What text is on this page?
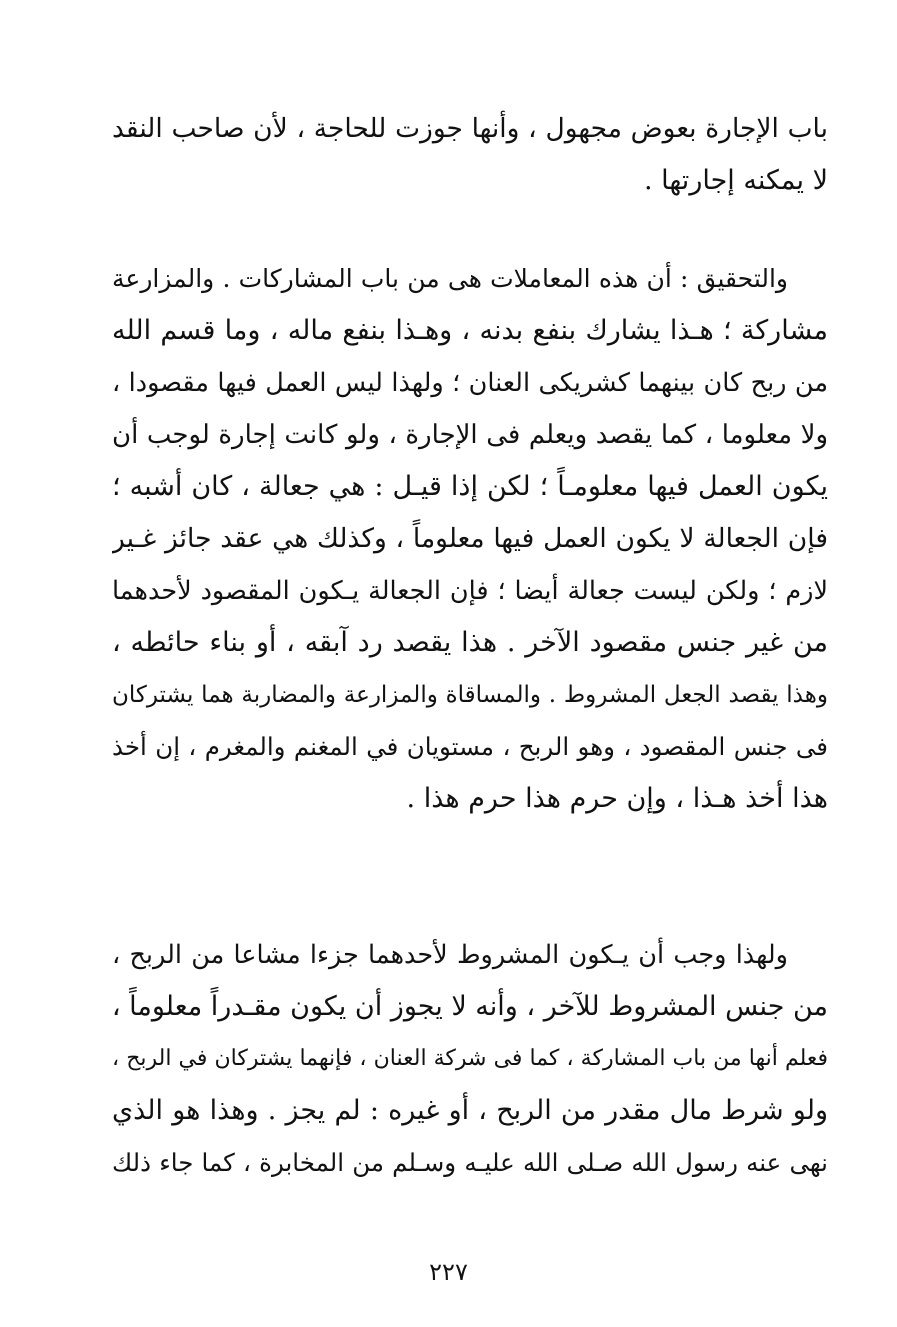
باب الإجارة بعوض مجهول ، وأنها جوزت للحاجة ، لأن صاحب النقد
لا يمكنه إجارتها .
والتحقيق : أن هذه المعاملات هى من باب المشاركات . والمزارعة
مشاركة ؛ هـذا يشارك بنفع بدنه ، وهـذا بنفع ماله ، وما قسم الله
من ربح كان بينهما كشريكى العنان ؛ ولهذا ليس العمل فيها مقصودا ،
ولا معلوما ، كما يقصد ويعلم فى الإجارة ، ولو كانت إجارة لوجب أن
يكون العمل فيها معلومـاً ؛ لكن إذا قيـل : هي جعالة ، كان أشبه ؛
فإن الجعالة لا يكون العمل فيها معلوماً ، وكذلك هي عقد جائز غـير
لازم ؛ ولكن ليست جعالة أيضا ؛ فإن الجعالة يـكون المقصود لأحدهما
من غير جنس مقصود الآخر . هذا يقصد رد آبقه ، أو بناء حائطه ،
وهذا يقصد الجعل المشروط . والمساقاة والمزارعة والمضاربة هما يشتركان
فى جنس المقصود ، وهو الربح ، مستويان في المغنم والمغرم ، إن أخذ
هذا أخذ هـذا ، وإن حرم هذا حرم هذا .
ولهذا وجب أن يـكون المشروط لأحدهما جزءا مشاعا من الربح ،
من جنس المشروط للآخر ، وأنه لا يجوز أن يكون مقـدراً معلوماً ،
فعلم أنها من باب المشاركة ، كما فى شركة العنان ، فإنهما يشتركان في الربح ،
ولو شرط مال مقدر من الربح ، أو غيره : لم يجز . وهذا هو الذي
نهى عنه رسول الله صـلى الله عليـه وسـلم من المخابرة ، كما جاء ذلك
٢٢٧
